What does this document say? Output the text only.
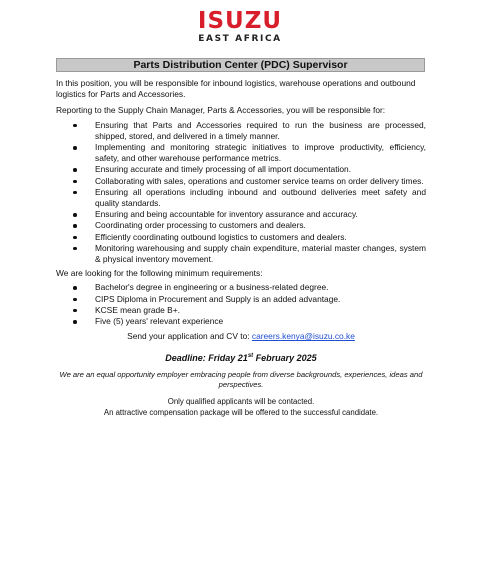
ISUZU
EAST AFRICA
Parts Distribution Center (PDC) Supervisor

In this position, you will be responsible for inbound logistics, warehouse operations and outbound logistics for Parts and Accessories.

Reporting to the Supply Chain Manager, Parts & Accessories, you will be responsible for:

Ensuring that Parts and Accessories required to run the business are processed, shipped, stored, and delivered in a timely manner.
Implementing and monitoring strategic initiatives to improve productivity, efficiency, safety, and other warehouse performance metrics.
Ensuring accurate and timely processing of all import documentation.
Collaborating with sales, operations and customer service teams on order delivery times.
Ensuring all operations including inbound and outbound deliveries meet safety and quality standards.
Ensuring and being accountable for inventory assurance and accuracy.
Coordinating order processing to customers and dealers.
Efficiently coordinating outbound logistics to customers and dealers.
Monitoring warehousing and supply chain expenditure, material master changes, system & physical inventory movement.

We are looking for the following minimum requirements:

Bachelor's degree in engineering or a business-related degree.
CIPS Diploma in Procurement and Supply is an added advantage.
KCSE mean grade B+.
Five (5) years' relevant experience

Send your application and CV to: careers.kenya@isuzu.co.ke

Deadline: Friday 21st February 2025

We are an equal opportunity employer embracing people from diverse backgrounds, experiences, ideas and perspectives.

Only qualified applicants will be contacted.

An attractive compensation package will be offered to the successful candidate.
